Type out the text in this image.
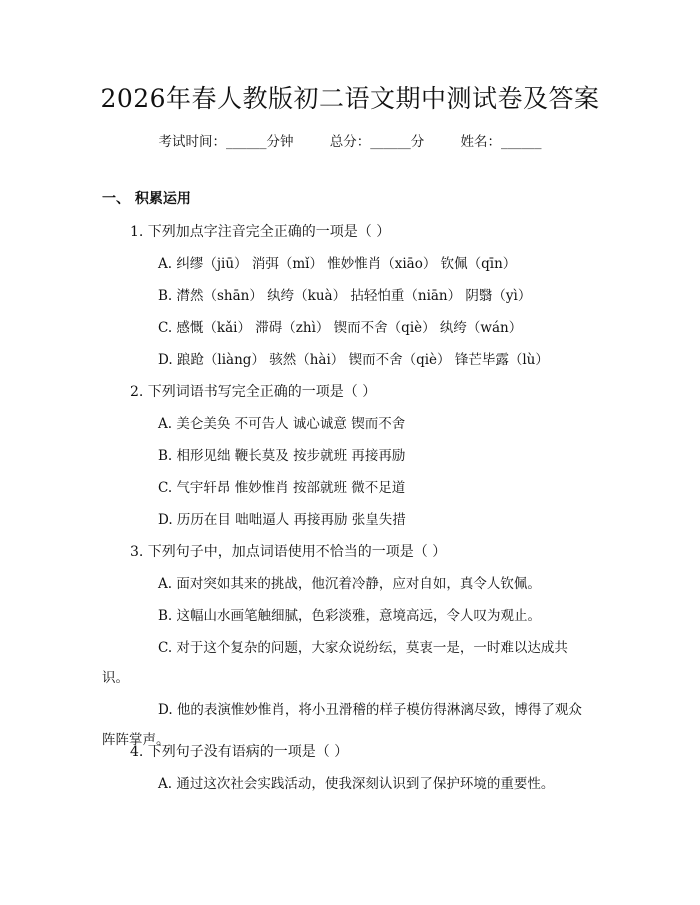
2026年春人教版初二语文期中测试卷及答案
考试时间：______分钟	总分：______分	姓名：______
一、 积累运用
1. 下列加点字注音完全正确的一项是（ ）
A. 纠缪（jiū） 消弭（mǐ） 惟妙惟肖（xiāo） 钦佩（qīn）
B. 潸然（shān） 纨绔（kuà） 拈轻怕重（niān） 阴翳（yì）
C. 感慨（kǎi） 滞碍（zhì） 锲而不舍（qiè） 纨绔（wán）
D. 踉跄（liàng） 骇然（hài） 锲而不舍（qiè） 锋芒毕露（lù）
2. 下列词语书写完全正确的一项是（ ）
A. 美仑美奂 不可告人 诚心诚意 锲而不舍
B. 相形见绌 鞭长莫及 按步就班 再接再励
C. 气宇轩昂 惟妙惟肖 按部就班 微不足道
D. 历历在目 咄咄逼人 再接再励 张皇失措
3. 下列句子中，加点词语使用不恰当的一项是（ ）
A. 面对突如其来的挑战，他沉着冷静，应对自如，真令人钦佩。
B. 这幅山水画笔触细腻，色彩淡雅，意境高远，令人叹为观止。
C. 对于这个复杂的问题，大家众说纷纭，莫衷一是，一时难以达成共识。
D. 他的表演惟妙惟肖，将小丑滑稽的样子模仿得淋漓尽致，博得了观众阵阵掌声。
4. 下列句子没有语病的一项是（ ）
A. 通过这次社会实践活动，使我深刻认识到了保护环境的重要性。
